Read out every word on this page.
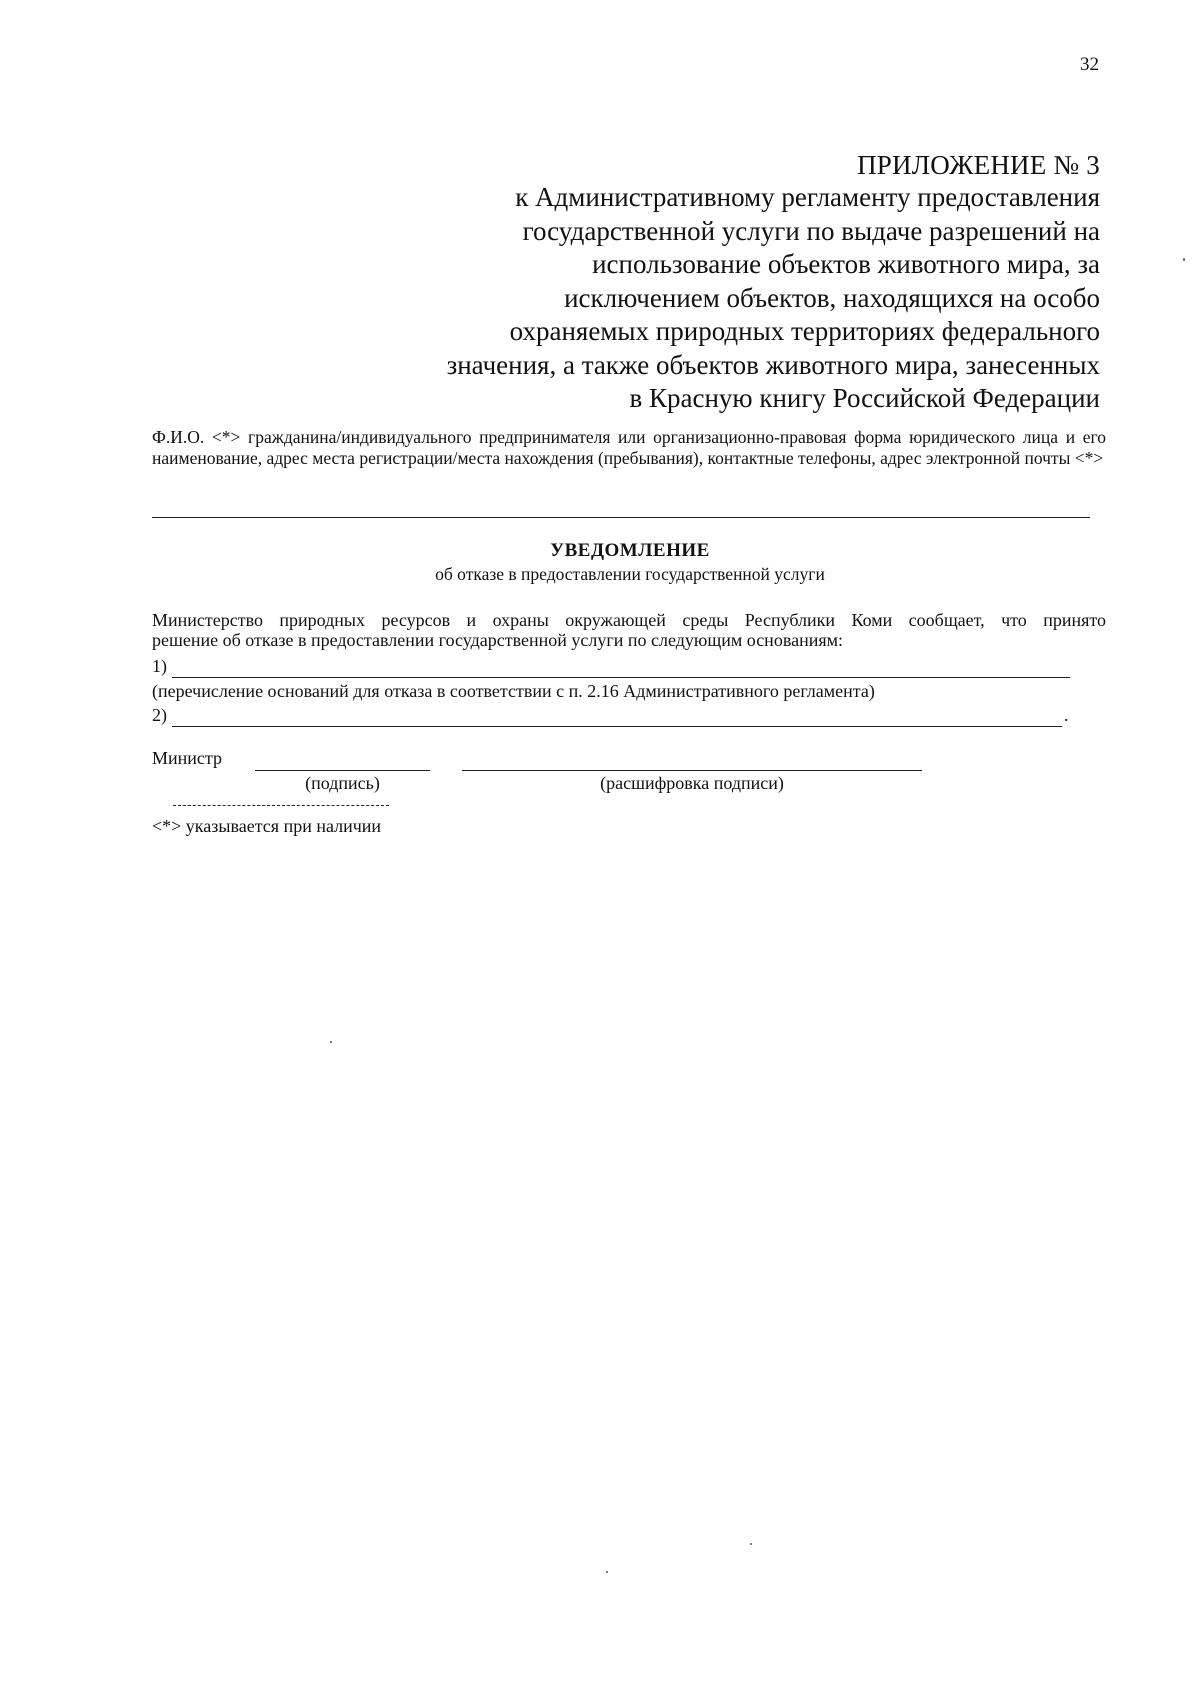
32
ПРИЛОЖЕНИЕ № 3
к Административному регламенту предоставления
государственной услуги по выдаче разрешений на
использование объектов животного мира, за
исключением объектов, находящихся на особо
охраняемых природных территориях федерального
значения, а также объектов животного мира, занесенных
в Красную книгу Российской Федерации
Ф.И.О. <*> гражданина/индивидуального предпринимателя или организационно-правовая форма юридического лица и его наименование, адрес места регистрации/места нахождения (пребывания), контактные телефоны, адрес электронной почты <*>
УВЕДОМЛЕНИЕ
об отказе в предоставлении государственной услуги
Министерство природных ресурсов и охраны окружающей среды Республики Коми сообщает, что принято
решение об отказе в предоставлении государственной услуги по следующим основаниям:
1)
(перечисление оснований для отказа в соответствии с п. 2.16 Административного регламента)
2)	.
Министр
(подпись)	(расшифровка подписи)
<*> указывается при наличии
